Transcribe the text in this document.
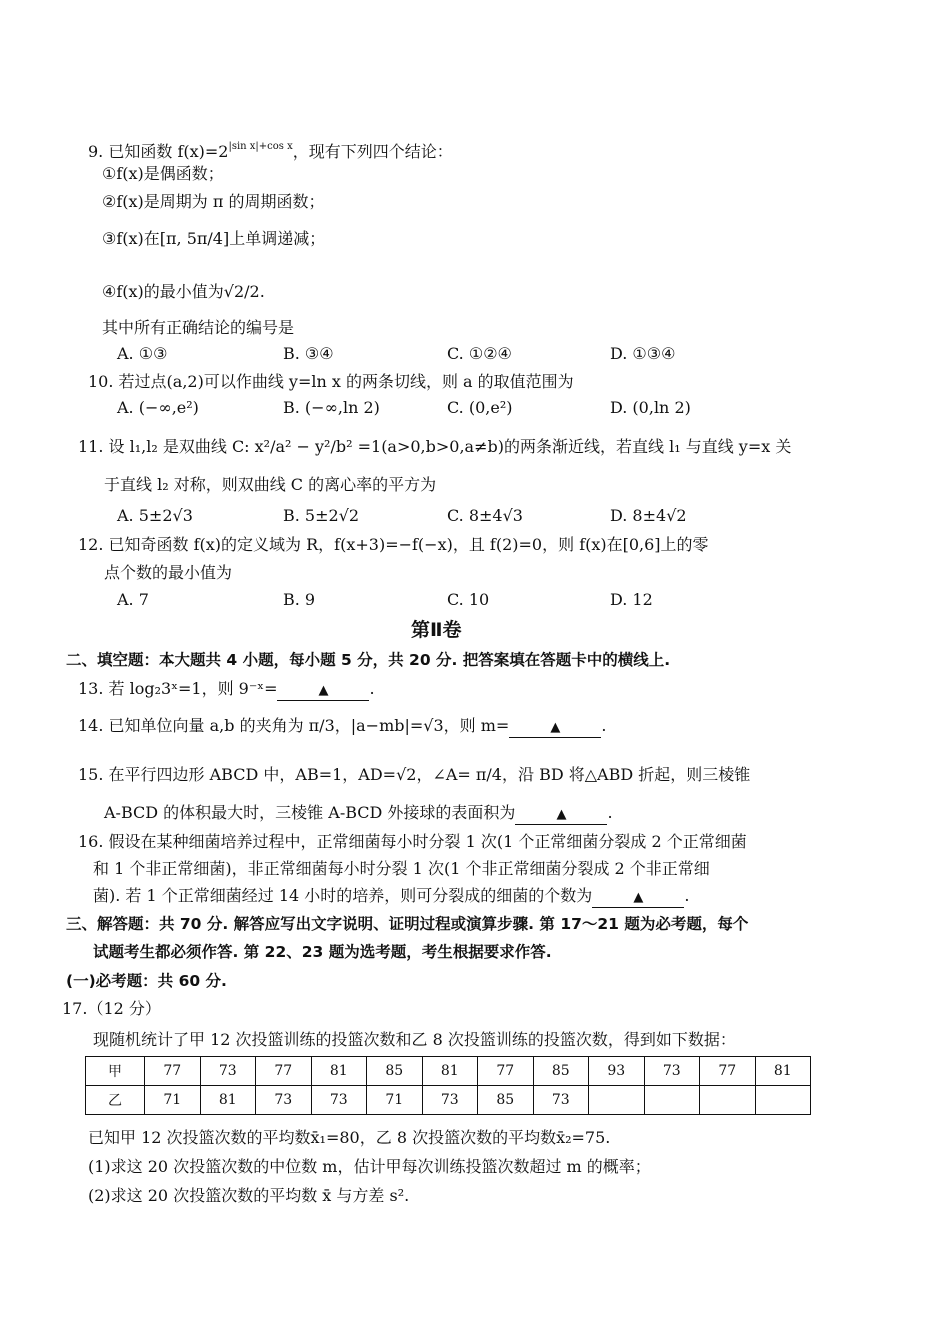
9. 已知函数 $f(x)=2^{|sin x|+cos x}$，现有下列四个结论：
①f(x)是偶函数；
②f(x)是周期为 π 的周期函数；
③f(x)在[π, 5π/4]上单调递减；
④f(x)的最小值为√2/2.
其中所有正确结论的编号是
A. ①③	B. ③④	C. ①②④	D. ①③④
10. 若过点(a,2)可以作曲线 y=ln x 的两条切线，则 a 的取值范围为
A. (−∞,e²)	B. (−∞,ln 2)	C. (0,e²)	D. (0,ln 2)
11. 设 l₁,l₂ 是双曲线 C: x²/a² − y²/b² =1(a>0,b>0,a≠b)的两条渐近线，若直线 l₁ 与直线 y=x 关
于直线 l₂ 对称，则双曲线 C 的离心率的平方为
A. 5±2√3	B. 5±2√2	C. 8±4√3	D. 8±4√2
12. 已知奇函数 f(x)的定义域为 R，f(x+3)=−f(−x)，且 f(2)=0，则 f(x)在[0,6]上的零
点个数的最小值为
A. 7	B. 9	C. 10	D. 12
第Ⅱ卷
二、填空题：本大题共 4 小题，每小题 5 分，共 20 分. 把答案填在答题卡中的横线上.
13. 若 log₂3ˣ=1，则 9⁻ˣ=	▲	.
14. 已知单位向量 a,b 的夹角为 π/3，|a−mb|=√3，则 m=	▲	.
15. 在平行四边形 ABCD 中，AB=1，AD=√2，∠A= π/4，沿 BD 将△ABD 折起，则三棱锥
A-BCD 的体积最大时，三棱锥 A-BCD 外接球的表面积为	▲	.
16. 假设在某种细菌培养过程中，正常细菌每小时分裂 1 次(1 个正常细菌分裂成 2 个正常细菌
和 1 个非正常细菌)，非正常细菌每小时分裂 1 次(1 个非正常细菌分裂成 2 个非正常细
菌). 若 1 个正常细菌经过 14 小时的培养，则可分裂成的细菌的个数为	▲	.
三、解答题：共 70 分. 解答应写出文字说明、证明过程或演算步骤. 第 17～21 题为必考题，每个
试题考生都必须作答. 第 22、23 题为选考题，考生根据要求作答.
(一)必考题：共 60 分.
17.（12 分）
现随机统计了甲 12 次投篮训练的投篮次数和乙 8 次投篮训练的投篮次数，得到如下数据：
甲	77	73	77	81	85	81	77	85	93	73	77	81
乙	71	81	73	73	71	73	85	73				
已知甲 12 次投篮次数的平均数x̄₁=80，乙 8 次投篮次数的平均数x̄₂=75.
(1)求这 20 次投篮次数的中位数 m，估计甲每次训练投篮次数超过 m 的概率；
(2)求这 20 次投篮次数的平均数 x̄ 与方差 s².
